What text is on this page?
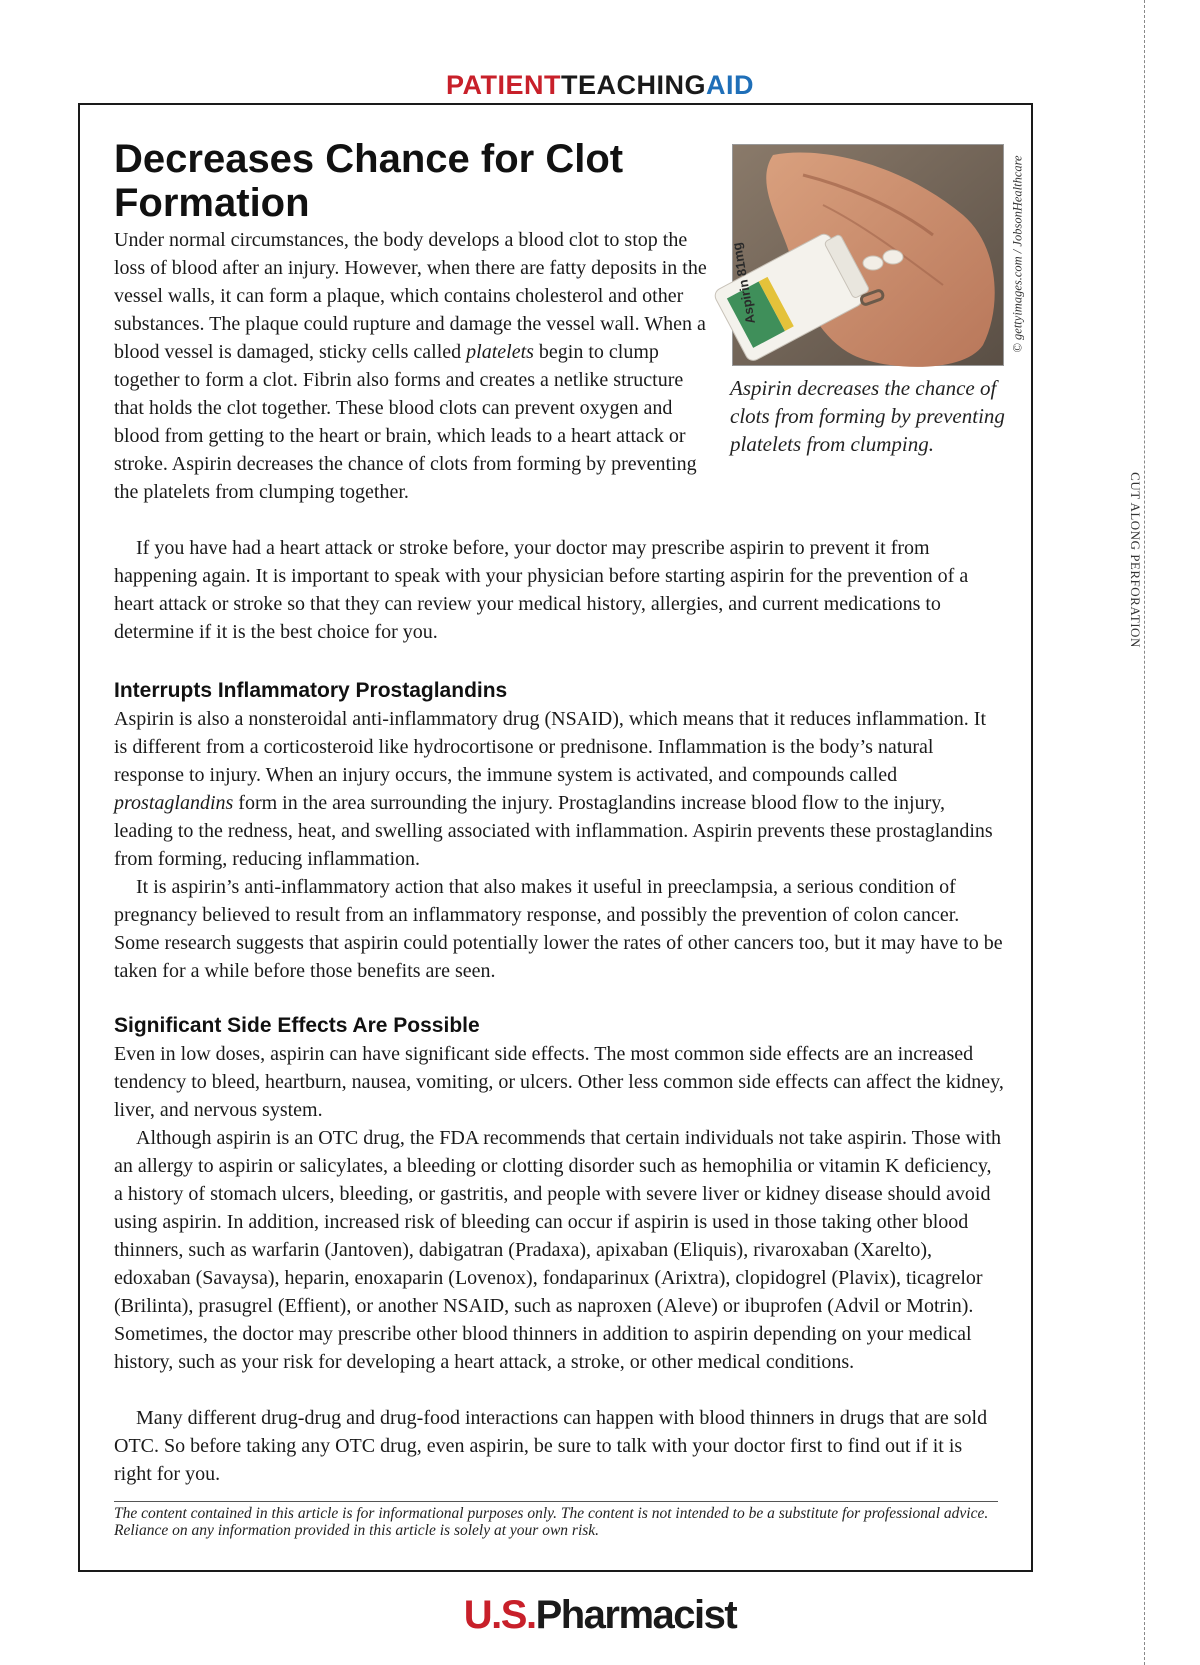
PATIENTTEACHINGAID
Decreases Chance for Clot Formation
Aspirin 81mg	© gettyimages.com / JobsonHealthcare

Aspirin decreases the chance of clots from forming by preventing platelets from clumping.

Under normal circumstances, the body develops a blood clot to stop the loss of blood after an injury. However, when there are fatty deposits in the vessel walls, it can form a plaque, which contains cholesterol and other substances. The plaque could rupture and damage the vessel wall. When a blood vessel is damaged, sticky cells called platelets begin to clump together to form a clot. Fibrin also forms and creates a netlike structure that holds the clot together. These blood clots can prevent oxygen and blood from getting to the heart or brain, which leads to a heart attack or stroke. Aspirin decreases the chance of clots from forming by preventing the platelets from clumping together.

If you have had a heart attack or stroke before, your doctor may prescribe aspirin to prevent it from happening again. It is important to speak with your physician before starting aspirin for the prevention of a heart attack or stroke so that they can review your medical history, allergies, and current medications to determine if it is the best choice for you.

Interrupts Inflammatory Prostaglandins

Aspirin is also a nonsteroidal anti-inflammatory drug (NSAID), which means that it reduces inflammation. It is different from a corticosteroid like hydrocortisone or prednisone. Inflammation is the body’s natural response to injury. When an injury occurs, the immune system is activated, and compounds called prostaglandins form in the area surrounding the injury. Prostaglandins increase blood flow to the injury, leading to the redness, heat, and swelling associated with inflammation. Aspirin prevents these prostaglandins from forming, reducing inflammation.

It is aspirin’s anti-inflammatory action that also makes it useful in preeclampsia, a serious condition of pregnancy believed to result from an inflammatory response, and possibly the prevention of colon cancer. Some research suggests that aspirin could potentially lower the rates of other cancers too, but it may have to be taken for a while before those benefits are seen.

Significant Side Effects Are Possible

Even in low doses, aspirin can have significant side effects. The most common side effects are an increased tendency to bleed, heartburn, nausea, vomiting, or ulcers. Other less common side effects can affect the kidney, liver, and nervous system.

Although aspirin is an OTC drug, the FDA recommends that certain individuals not take aspirin. Those with an allergy to aspirin or salicylates, a bleeding or clotting disorder such as hemophilia or vitamin K deficiency, a history of stomach ulcers, bleeding, or gastritis, and people with severe liver or kidney disease should avoid using aspirin. In addition, increased risk of bleeding can occur if aspirin is used in those taking other blood thinners, such as warfarin (Jantoven), dabigatran (Pradaxa), apixaban (Eliquis), rivaroxaban (Xarelto), edoxaban (Savaysa), heparin, enoxaparin (Lovenox), fondaparinux (Arixtra), clopidogrel (Plavix), ticagrelor (Brilinta), prasugrel (Effient), or another NSAID, such as naproxen (Aleve) or ibuprofen (Advil or Motrin). Sometimes, the doctor may prescribe other blood thinners in addition to aspirin depending on your medical history, such as your risk for developing a heart attack, a stroke, or other medical conditions.

Many different drug-drug and drug-food interactions can happen with blood thinners in drugs that are sold OTC. So before taking any OTC drug, even aspirin, be sure to talk with your doctor first to find out if it is right for you.

The content contained in this article is for informational purposes only. The content is not intended to be a substitute for professional advice. Reliance on any information provided in this article is solely at your own risk.

CUT ALONG PERFORATION
U.S.Pharmacist
